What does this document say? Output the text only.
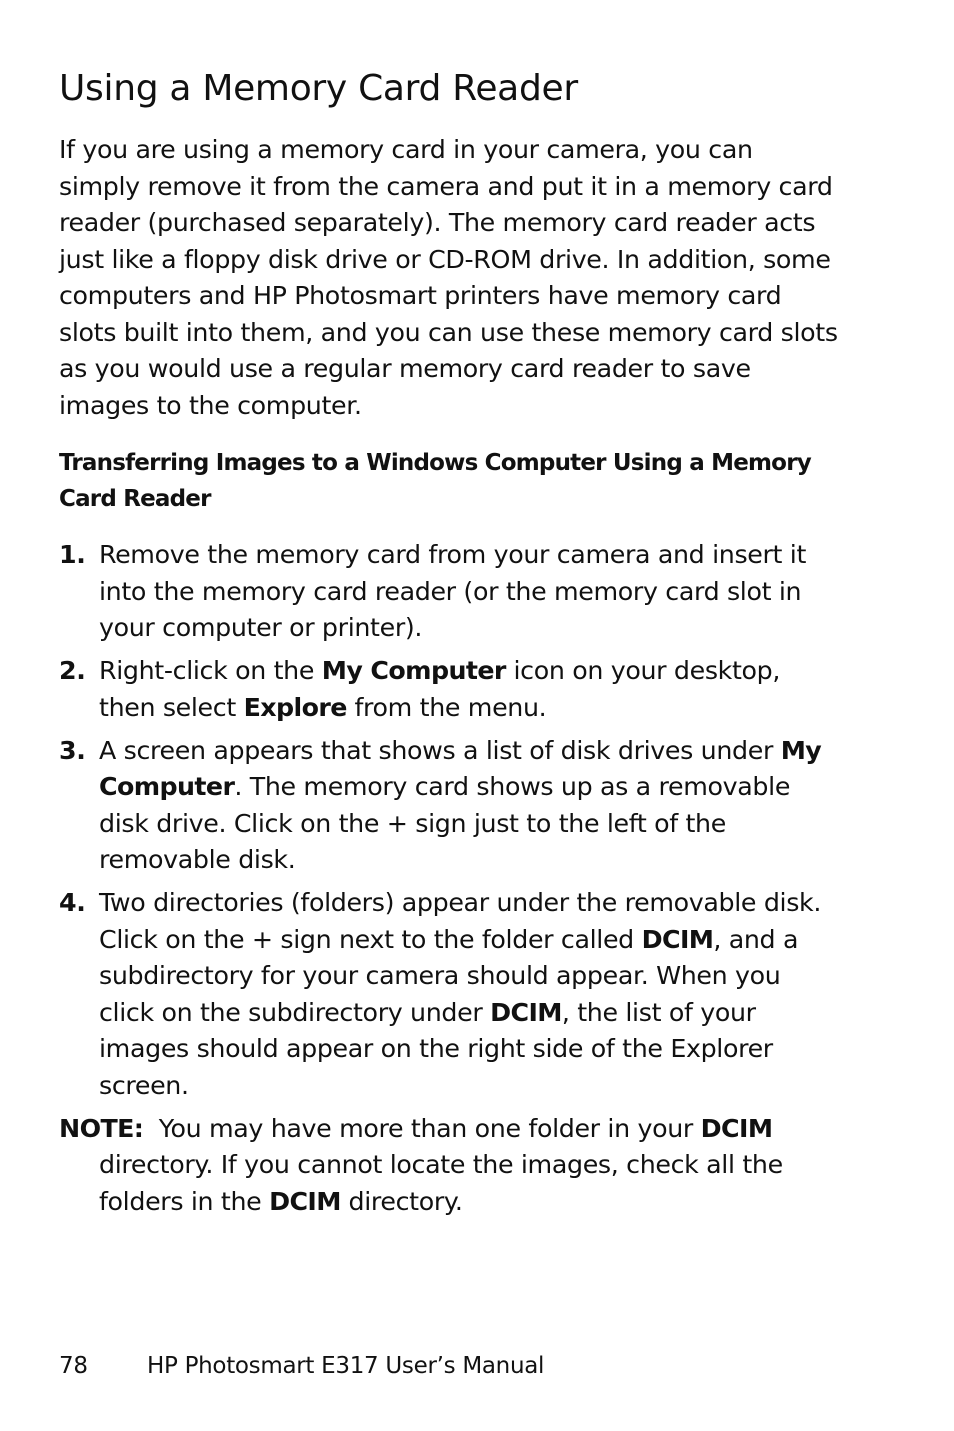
Using a Memory Card Reader

If you are using a memory card in your camera, you can simply remove it from the camera and put it in a memory card reader (purchased separately). The memory card reader acts just like a floppy disk drive or CD-ROM drive. In addition, some computers and HP Photosmart printers have memory card slots built into them, and you can use these memory card slots as you would use a regular memory card reader to save images to the computer.

Transferring Images to a Windows Computer Using a Memory Card Reader
1. Remove the memory card from your camera and insert it into the memory card reader (or the memory card slot in your computer or printer).
2. Right-click on the My Computer icon on your desktop, then select Explore from the menu.
3. A screen appears that shows a list of disk drives under My Computer. The memory card shows up as a removable disk drive. Click on the + sign just to the left of the removable disk.
4. Two directories (folders) appear under the removable disk. Click on the + sign next to the folder called DCIM, and a subdirectory for your camera should appear. When you click on the subdirectory under DCIM, the list of your images should appear on the right side of the Explorer screen.
NOTE:  You may have more than one folder in your DCIM directory. If you cannot locate the images, check all the folders in the DCIM directory.
78	HP Photosmart E317 User’s Manual
